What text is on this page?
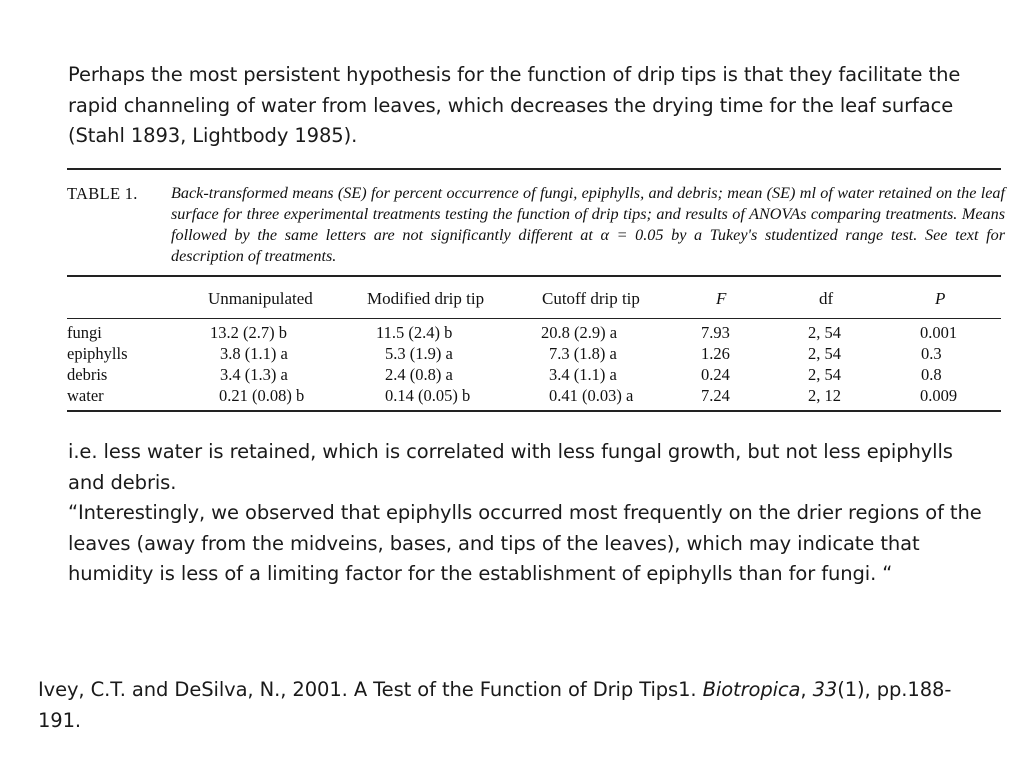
Perhaps the most persistent hypothesis for the function of drip tips is that they facilitate the rapid channeling of water from leaves, which decreases the drying time for the leaf surface (Stahl 1893, Lightbody 1985).

TABLE 1. Back-transformed means (SE) for percent occurrence of fungi, epiphylls, and debris; mean (SE) ml of water retained on the leaf surface for three experimental treatments testing the function of drip tips; and results of ANOVAs comparing treatments. Means followed by the same letters are not significantly different at α = 0.05 by a Tukey's studentized range test. See text for description of treatments.
Unmanipulated	Modified drip tip	Cutoff drip tip	F	df	P
fungi	13.2 (2.7) b	11.5 (2.4) b	20.8 (2.9) a	7.93	2, 54	0.001
epiphylls	3.8 (1.1) a	5.3 (1.9) a	7.3 (1.8) a	1.26	2, 54	0.3
debris	3.4 (1.3) a	2.4 (0.8) a	3.4 (1.1) a	0.24	2, 54	0.8
water	0.21 (0.08) b	0.14 (0.05) b	0.41 (0.03) a	7.24	2, 12	0.009

i.e. less water is retained, which is correlated with less fungal growth, but not less epiphylls and debris.

“Interestingly, we observed that epiphylls occurred most frequently on the drier regions of the leaves (away from the midveins, bases, and tips of the leaves), which may indicate that humidity is less of a limiting factor for the establishment of epiphylls than for fungi. “

Ivey, C.T. and DeSilva, N., 2001. A Test of the Function of Drip Tips1. Biotropica, 33(1), pp.188-191.
